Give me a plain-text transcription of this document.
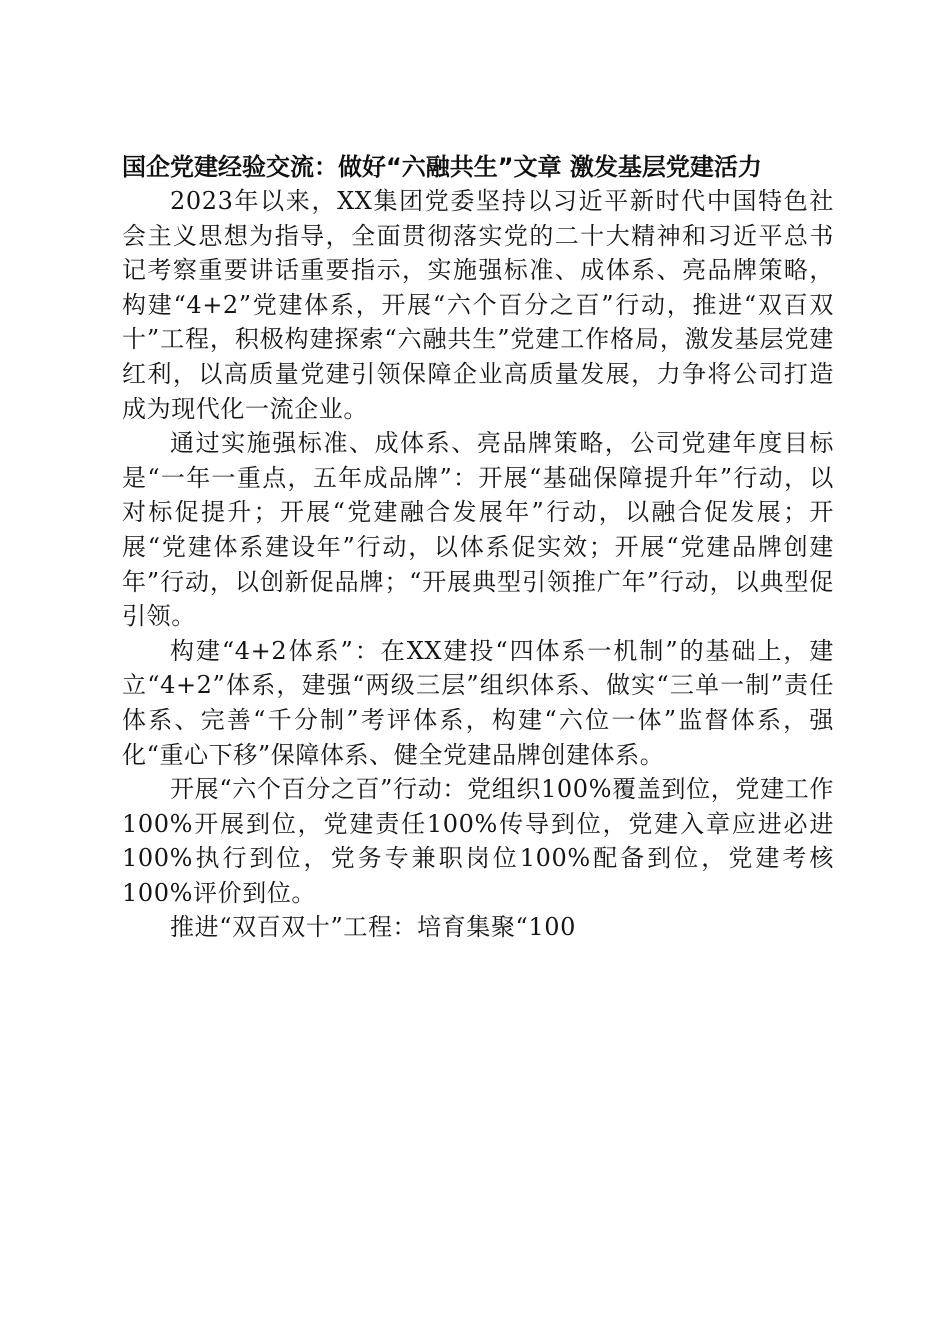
国企党建经验交流：做好“六融共生”文章 激发基层党建活力

2023年以来，XX集团党委坚持以习近平新时代中国特色社会主义思想为指导，全面贯彻落实党的二十大精神和习近平总书记考察重要讲话重要指示，实施强标准、成体系、亮品牌策略，构建“4+2”党建体系，开展“六个百分之百”行动，推进“双百双十”工程，积极构建探索“六融共生”党建工作格局，激发基层党建红利，以高质量党建引领保障企业高质量发展，力争将公司打造成为现代化一流企业。

通过实施强标准、成体系、亮品牌策略，公司党建年度目标是“一年一重点，五年成品牌”：开展“基础保障提升年”行动，以对标促提升；开展“党建融合发展年”行动，以融合促发展；开展“党建体系建设年”行动，以体系促实效；开展“党建品牌创建年”行动，以创新促品牌；“开展典型引领推广年”行动，以典型促引领。

构建“4+2体系”：在XX建投“四体系一机制”的基础上，建立“4+2”体系，建强“两级三层”组织体系、做实“三单一制”责任体系、完善“千分制”考评体系，构建“六位一体”监督体系，强化“重心下移”保障体系、健全党建品牌创建体系。

开展“六个百分之百”行动：党组织100%覆盖到位，党建工作100%开展到位，党建责任100%传导到位，党建入章应进必进100%执行到位，党务专兼职岗位100%配备到位，党建考核100%评价到位。

推进“双百双十”工程：培育集聚“100
